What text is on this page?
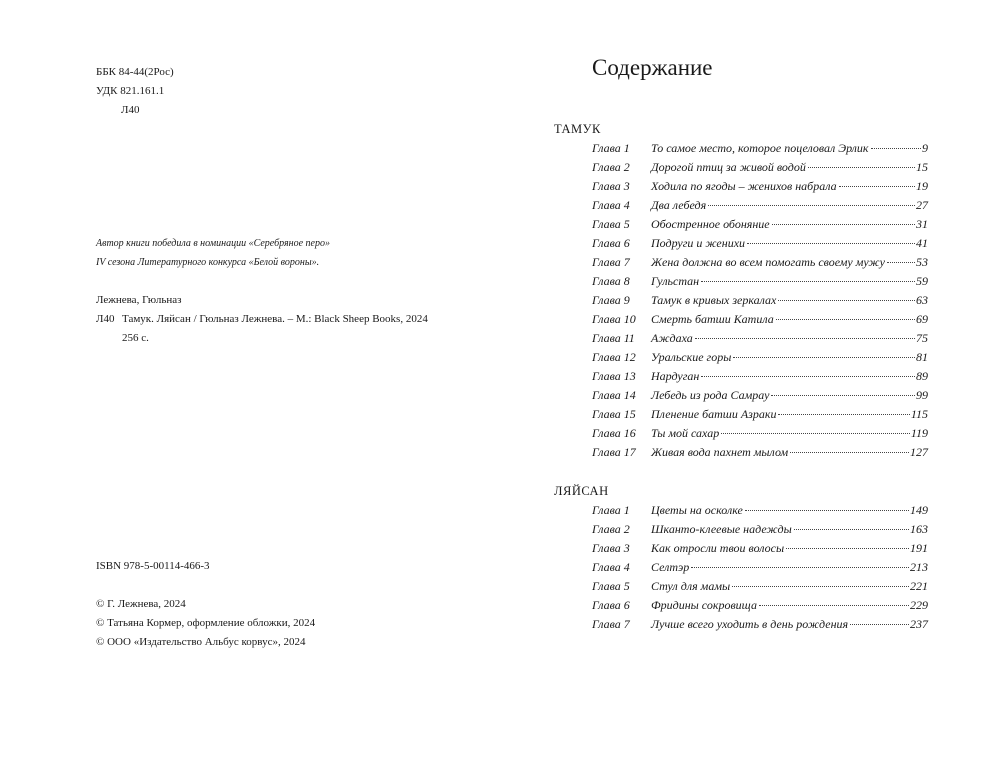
ББК 84-44(2Рос)
УДК 821.161.1
Л40
Автор книги победила в номинации «Серебряное перо»
IV сезона Литературного конкурса «Белой вороны».
Лежнева, Гюльназ
Л40 Тамук. Ляйсан / Гюльназ Лежнева. – М.: Black Sheep Books, 2024
256 с.
ISBN 978-5-00114-466-3
© Г. Лежнева, 2024
© Татьяна Кормер, оформление обложки, 2024
© ООО «Издательство Альбус корвус», 2024
Содержание
ТАМУК
Глава 1 То самое место, которое поцеловал Эрлик	9
Глава 2 Дорогой птиц за живой водой	15
Глава 3 Ходила по ягоды – женихов набрала	19
Глава 4 Два лебедя	27
Глава 5 Обостренное обоняние	31
Глава 6 Подруги и женихи	41
Глава 7 Жена должна во всем помогать своему мужу	53
Глава 8 Гульстан	59
Глава 9 Тамук в кривых зеркалах	63
Глава 10 Смерть батши Катила	69
Глава 11 Аждаха	75
Глава 12 Уральские горы	81
Глава 13 Нардуган	89
Глава 14 Лебедь из рода Самрау	99
Глава 15 Пленение батши Азраки	115
Глава 16 Ты мой сахар	119
Глава 17 Живая вода пахнет мылом	127
ЛЯЙСАН
Глава 1 Цветы на осколке	149
Глава 2 Шканто-клеевые надежды	163
Глава 3 Как отросли твои волосы	191
Глава 4 Селтэр	213
Глава 5 Стул для мамы	221
Глава 6 Фридины сокровища	229
Глава 7 Лучше всего уходить в день рождения	237
